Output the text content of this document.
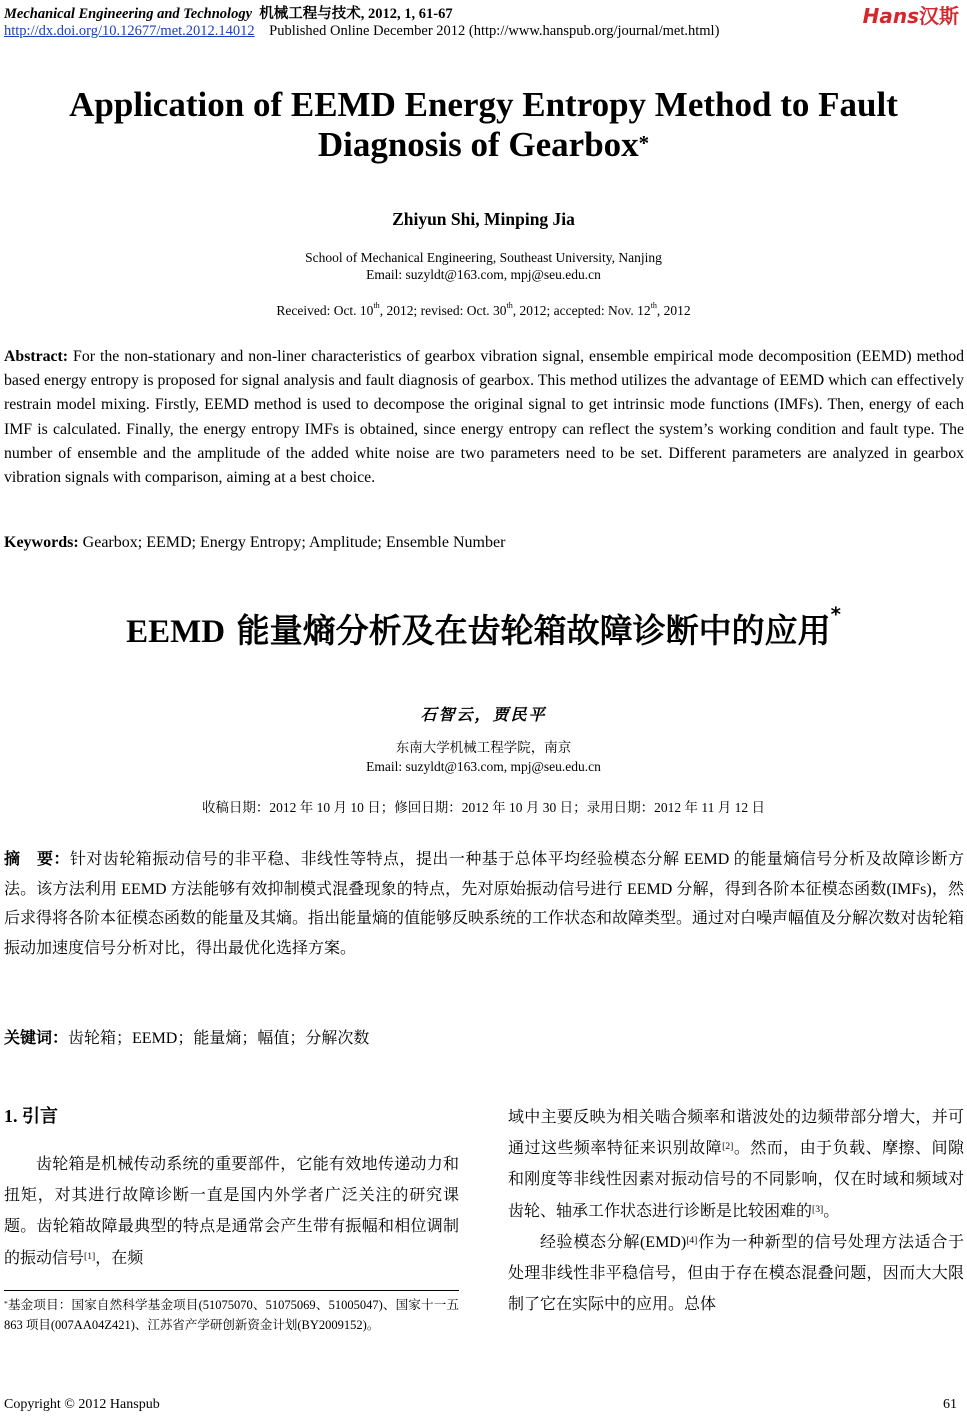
Mechanical Engineering and Technology 机械工程与技术, 2012, 1, 61-67
http://dx.doi.org/10.12677/met.2012.14012 Published Online December 2012 (http://www.hanspub.org/journal/met.html)
Hans汉斯
Application of EEMD Energy Entropy Method to Fault Diagnosis of Gearbox*
Zhiyun Shi, Minping Jia
School of Mechanical Engineering, Southeast University, Nanjing
Email: suzyldt@163.com, mpj@seu.edu.cn
Received: Oct. 10th, 2012; revised: Oct. 30th, 2012; accepted: Nov. 12th, 2012
Abstract: For the non-stationary and non-liner characteristics of gearbox vibration signal, ensemble empirical mode decomposition (EEMD) method based energy entropy is proposed for signal analysis and fault diagnosis of gearbox. This method utilizes the advantage of EEMD which can effectively restrain model mixing. Firstly, EEMD method is used to decompose the original signal to get intrinsic mode functions (IMFs). Then, energy of each IMF is calculated. Finally, the energy entropy IMFs is obtained, since energy entropy can reflect the system’s working condition and fault type. The number of ensemble and the amplitude of the added white noise are two parameters need to be set. Different parameters are analyzed in gearbox vibration signals with comparison, aiming at a best choice.
Keywords: Gearbox; EEMD; Energy Entropy; Amplitude; Ensemble Number
EEMD 能量熵分析及在齿轮箱故障诊断中的应用*
石智云，贾民平
东南大学机械工程学院，南京
Email: suzyldt@163.com, mpj@seu.edu.cn
收稿日期：2012 年 10 月 10 日；修回日期：2012 年 10 月 30 日；录用日期：2012 年 11 月 12 日
摘　要：针对齿轮箱振动信号的非平稳、非线性等特点，提出一种基于总体平均经验模态分解 EEMD 的能量熵信号分析及故障诊断方法。该方法利用 EEMD 方法能够有效抑制模式混叠现象的特点，先对原始振动信号进行 EEMD 分解，得到各阶本征模态函数(IMFs)，然后求得将各阶本征模态函数的能量及其熵。指出能量熵的值能够反映系统的工作状态和故障类型。通过对白噪声幅值及分解次数对齿轮箱振动加速度信号分析对比，得出最优化选择方案。
关键词：齿轮箱；EEMD；能量熵；幅值；分解次数
1. 引言
齿轮箱是机械传动系统的重要部件，它能有效地传递动力和扭矩，对其进行故障诊断一直是国内外学者广泛关注的研究课题。齿轮箱故障最典型的特点是通常会产生带有振幅和相位调制的振动信号[1]，在频
域中主要反映为相关啮合频率和谐波处的边频带部分增大，并可通过这些频率特征来识别故障[2]。然而，由于负载、摩擦、间隙和刚度等非线性因素对振动信号的不同影响，仅在时域和频域对齿轮、轴承工作状态进行诊断是比较困难的[3]。
经验模态分解(EMD)[4]作为一种新型的信号处理方法适合于处理非线性非平稳信号，但由于存在模态混叠问题，因而大大限制了它在实际中的应用。总体
*基金项目：国家自然科学基金项目(51075070、51075069、51005047)、国家十一五 863 项目(007AA04Z421)、江苏省产学研创新资金计划(BY2009152)。
Copyright © 2012 Hanspub	61
